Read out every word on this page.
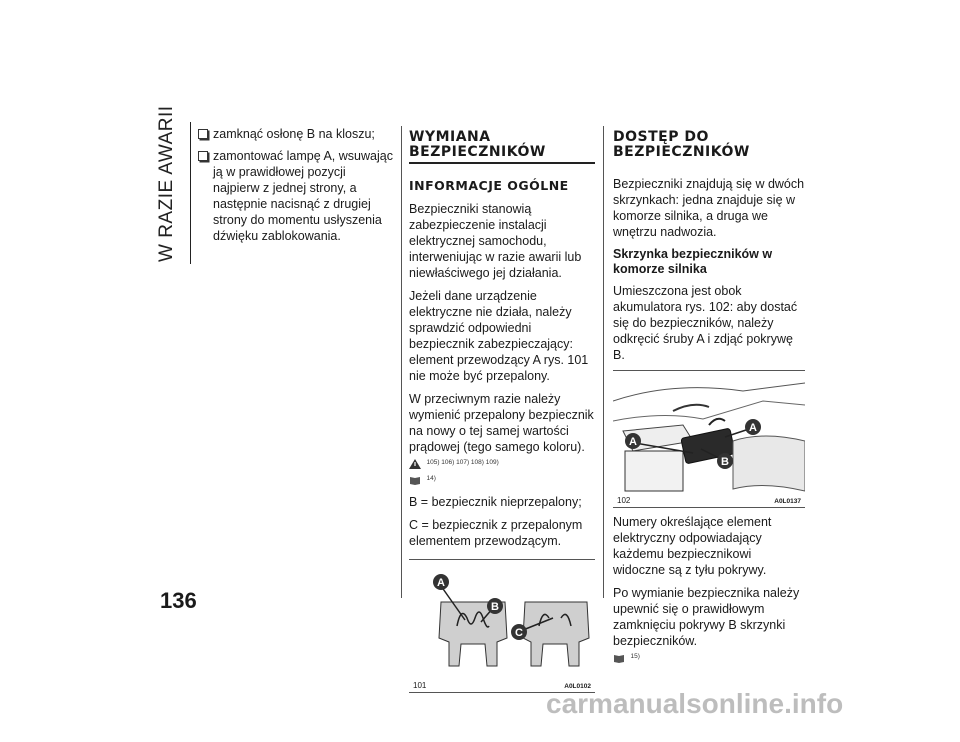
W RAZIE AWARII
136
zamknąć osłonę B na kloszu;
zamontować lampę A, wsuwając ją w prawidłowej pozycji najpierw z jednej strony, a następnie nacisnąć z drugiej strony do momentu usłyszenia dźwięku zablokowania.
WYMIANA BEZPIECZNIKÓW
INFORMACJE OGÓLNE

Bezpieczniki stanowią zabezpieczenie instalacji elektrycznej samochodu, interweniując w razie awarii lub niewłaściwego jej działania.

Jeżeli dane urządzenie elektryczne nie działa, należy sprawdzić odpowiedni bezpiecznik zabezpieczający: element przewodzący A rys. 101 nie może być przepalony.

W przeciwnym razie należy wymienić przepalony bezpiecznik na nowy o tej samej wartości prądowej (tego samego koloru).  105) 106) 107) 108) 109)
14)

B = bezpiecznik nieprzepalony;

C = bezpiecznik z przepalonym elementem przewodzącym.

A
B
C
101	A0L0102
DOSTĘP DO BEZPIECZNIKÓW

Bezpieczniki znajdują się w dwóch skrzynkach: jedna znajduje się w komorze silnika, a druga we wnętrzu nadwozia.

Skrzynka bezpieczników w komorze silnika

Umieszczona jest obok akumulatora rys. 102: aby dostać się do bezpieczników, należy odkręcić śruby A i zdjąć pokrywę B.

A
A
B
102	A0L0137

Numery określające element elektryczny odpowiadający każdemu bezpiecznikowi widoczne są z tyłu pokrywy.

Po wymianie bezpiecznika należy upewnić się o prawidłowym zamknięciu pokrywy B skrzynki bezpieczników.
15)

carmanualsonline.info
